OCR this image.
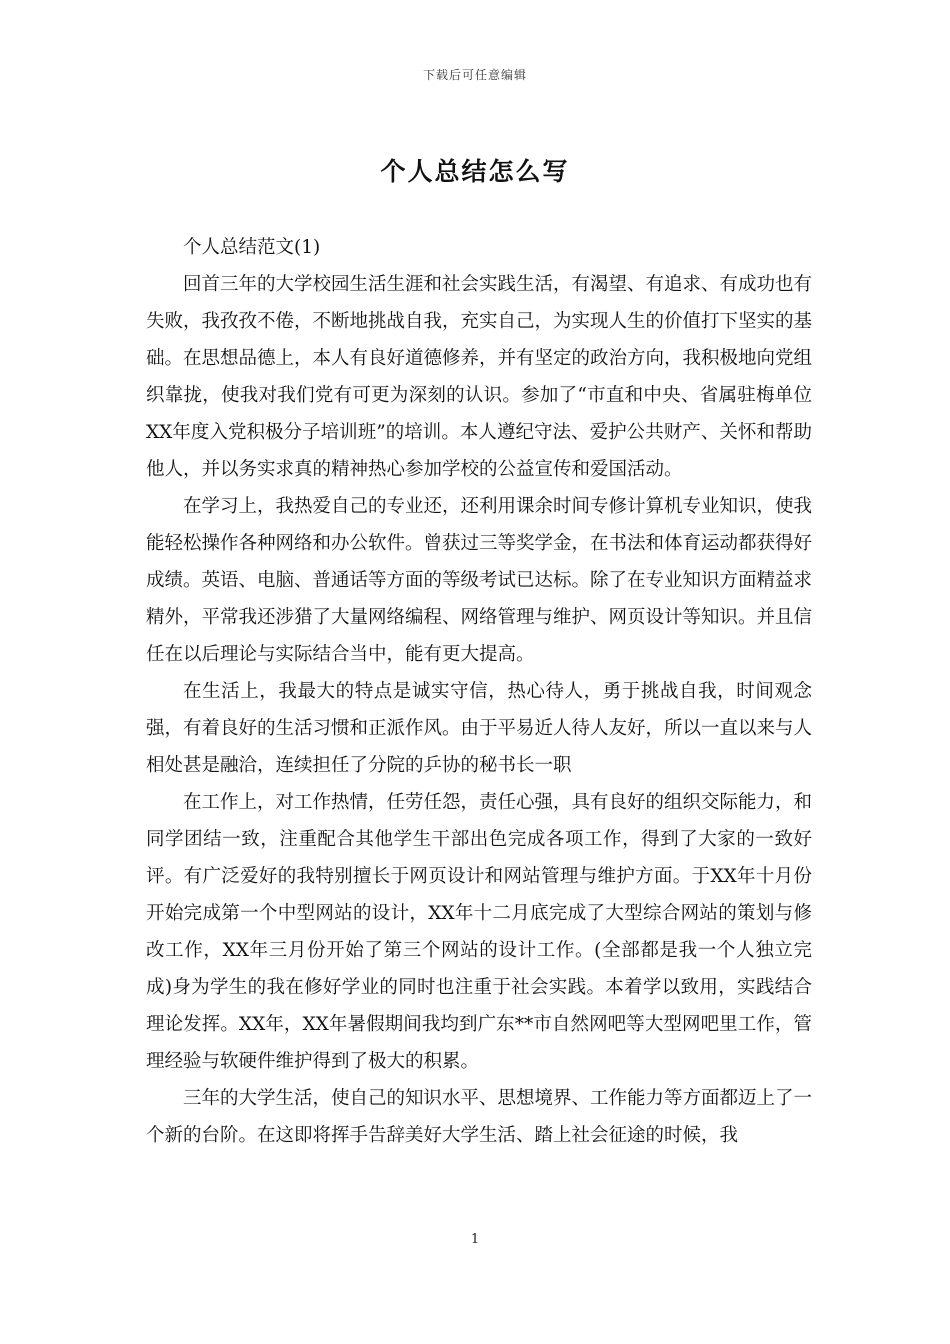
下载后可任意编辑
个人总结怎么写

个人总结范文(1)

回首三年的大学校园生活生涯和社会实践生活，有渴望、有追求、有成功也有失败，我孜孜不倦，不断地挑战自我，充实自己，为实现人生的价值打下坚实的基础。在思想品德上，本人有良好道德修养，并有坚定的政治方向，我积极地向党组织靠拢，使我对我们党有可更为深刻的认识。参加了“市直和中央、省属驻梅单位XX年度入党积极分子培训班”的培训。本人遵纪守法、爱护公共财产、关怀和帮助他人，并以务实求真的精神热心参加学校的公益宣传和爱国活动。

在学习上，我热爱自己的专业还，还利用课余时间专修计算机专业知识，使我能轻松操作各种网络和办公软件。曾获过三等奖学金，在书法和体育运动都获得好成绩。英语、电脑、普通话等方面的等级考试已达标。除了在专业知识方面精益求精外，平常我还涉猎了大量网络编程、网络管理与维护、网页设计等知识。并且信任在以后理论与实际结合当中，能有更大提高。

在生活上，我最大的特点是诚实守信，热心待人，勇于挑战自我，时间观念强，有着良好的生活习惯和正派作风。由于平易近人待人友好，所以一直以来与人相处甚是融洽，连续担任了分院的乒协的秘书长一职

在工作上，对工作热情，任劳任怨，责任心强，具有良好的组织交际能力，和同学团结一致，注重配合其他学生干部出色完成各项工作，得到了大家的一致好评。有广泛爱好的我特别擅长于网页设计和网站管理与维护方面。于XX年十月份开始完成第一个中型网站的设计，XX年十二月底完成了大型综合网站的策划与修改工作，XX年三月份开始了第三个网站的设计工作。(全部都是我一个人独立完成)身为学生的我在修好学业的同时也注重于社会实践。本着学以致用，实践结合理论发挥。XX年，XX年暑假期间我均到广东**市自然网吧等大型网吧里工作，管理经验与软硬件维护得到了极大的积累。

三年的大学生活，使自己的知识水平、思想境界、工作能力等方面都迈上了一个新的台阶。在这即将挥手告辞美好大学生活、踏上社会征途的时候，我

1
